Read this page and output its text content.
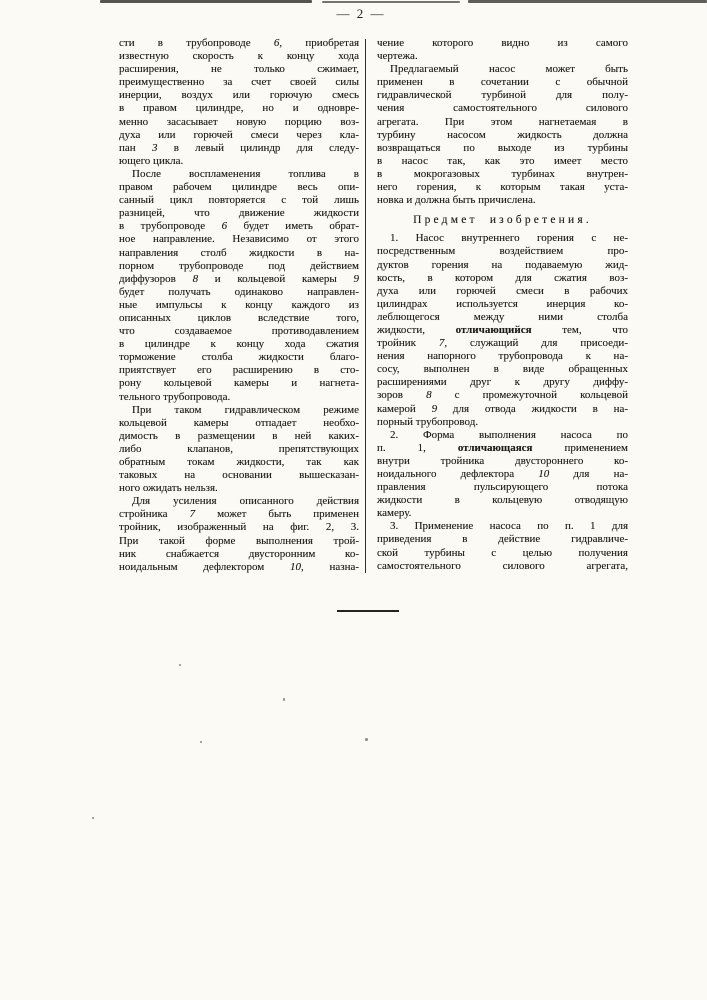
— 2 —
сти в трубопроводе 6, приобретая
известную скорость к концу хода
расширения, не только сжимает,
преимущественно за счет своей силы
инерции, воздух или горючую смесь
в правом цилиндре, но и одновре-
менно засасывает новую порцию воз-
духа или горючей смеси через кла-
пан 3 в левый цилиндр для следу-
ющего цикла.
После воспламенения топлива в
правом рабочем цилиндре весь опи-
санный цикл повторяется с той лишь
разницей, что движение жидкости
в трубопроводе 6 будет иметь обрат-
ное направление. Независимо от этого
направления столб жидкости в на-
порном трубопроводе под действием
диффузоров 8 и кольцевой камеры 9
будет получать одинаково направлен-
ные импульсы к концу каждого из
описанных циклов вследствие того,
что создаваемое противодавлением
в цилиндре к концу хода сжатия
торможение столба жидкости благо-
приятствует его расширению в сто-
рону кольцевой камеры и нагнета-
тельного трубопровода.
При таком гидравлическом режиме
кольцевой камеры отпадает необхо-
димость в размещении в ней каких-
либо клапанов, препятствующих
обратным токам жидкости, так как
таковых на основании вышесказан-
ного ожидать нельзя.
Для усиления описанного действия
стройника 7 может быть применен
тройник, изображенный на фиг. 2, 3.
При такой форме выполнения трой-
ник снабжается двусторонним ко-
ноидальным дефлектором 10, назна-
чение которого видно из самого
чертежа.
Предлагаемый насос может быть
применен в сочетании с обычной
гидравлической турбиной для полу-
чения самостоятельного силового
агрегата. При этом нагнетаемая в
турбину насосом жидкость должна
возвращаться по выходе из турбины
в насос так, как это имеет место
в мокрогазовых турбинах внутрен-
него горения, к которым такая уста-
новка и должна быть причислена.
Предмет изобретения.
1. Насос внутреннего горения с не-
посредственным воздействием про-
дуктов горения на подаваемую жид-
кость, в котором для сжатия воз-
духа или горючей смеси в рабочих
цилиндрах используется инерция ко-
леблющегося между ними столба
жидкости, отличающийся тем, что
тройник 7, служащий для присоеди-
нения напорного трубопровода к на-
сосу, выполнен в виде обращенных
расширениями друг к другу диффу-
зоров 8 с промежуточной кольцевой
камерой 9 для отвода жидкости в на-
порный трубопровод.
2. Форма выполнения насоса по
п. 1, отличающаяся применением
внутри тройника двустороннего ко-
ноидального дефлектора 10 для на-
правления пульсирующего потока
жидкости в кольцевую отводящую
камеру.
3. Применение насоса по п. 1 для
приведения в действие гидравличе-
ской турбины с целью получения
самостоятельного силового агрегата,
